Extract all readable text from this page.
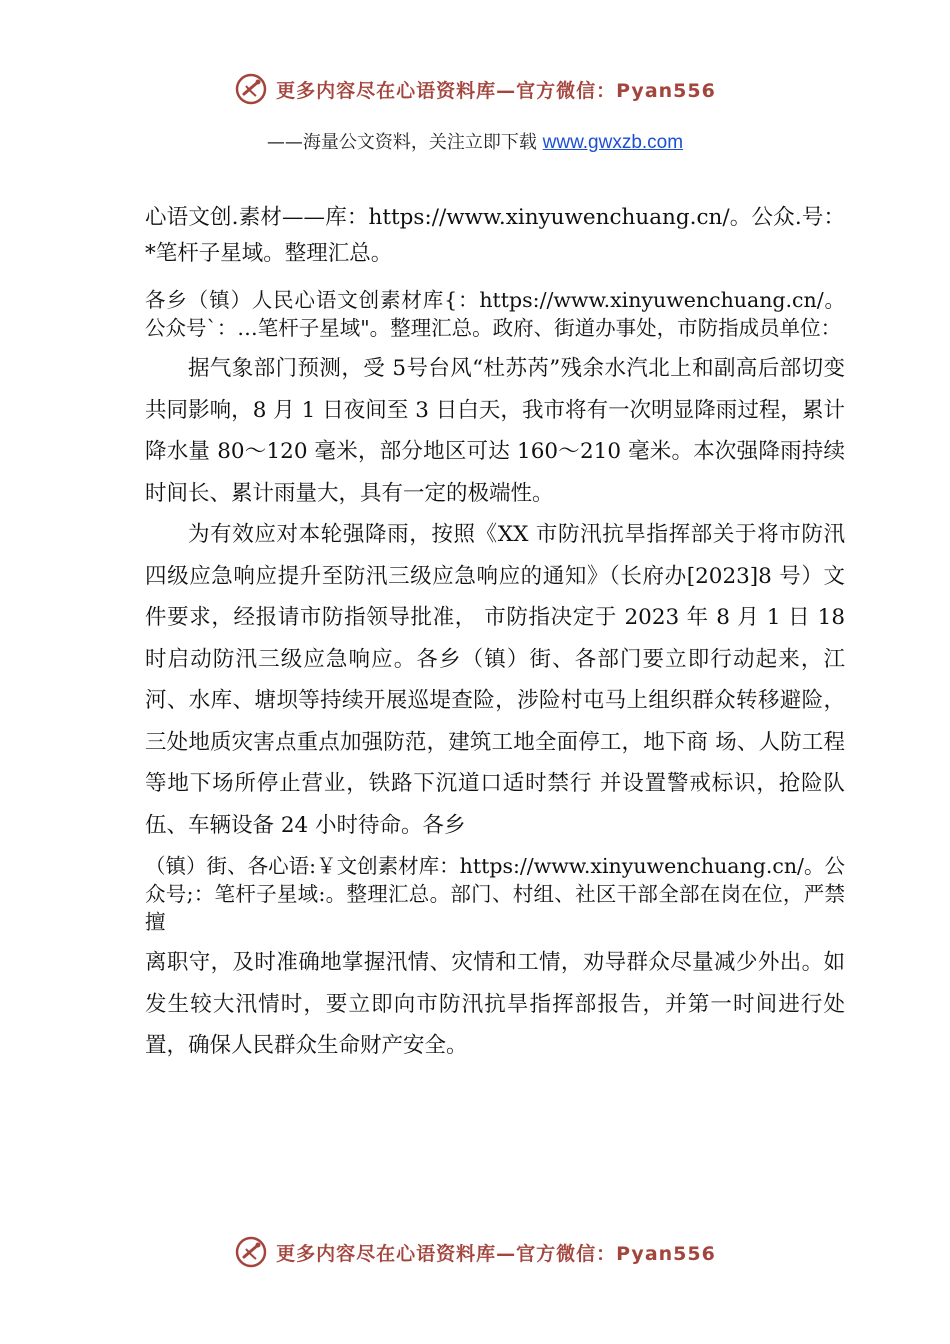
更多内容尽在心语资料库—官方微信：Pyan556
——海量公文资料，关注立即下载 www.gwxzb.com

心语文创.素材——库：https://www.xinyuwenchuang.cn/。公众.号：*笔杆子星域。整理汇总。

各乡（镇）人民心语文创素材库{：https://www.xinyuwenchuang.cn/。公众号`：…笔杆子星域"。整理汇总。政府、街道办事处，市防指成员单位：

据气象部门预测，受 5号台风“杜苏芮”残余水汽北上和副高后部切变共同影响，8 月 1 日夜间至 3 日白天，我市将有一次明显降雨过程，累计降水量 80～120 毫米，部分地区可达 160～210 毫米。本次强降雨持续时间长、累计雨量大，具有一定的极端性。

为有效应对本轮强降雨，按照《XX 市防汛抗旱指挥部关于将市防汛四级应急响应提升至防汛三级应急响应的通知》（长府办[2023]8 号）文件要求，经报请市防指领导批准， 市防指决定于 2023 年 8 月 1 日 18 时启动防汛三级应急响应。各乡（镇）街、各部门要立即行动起来，江河、水库、塘坝等持续开展巡堤查险，涉险村屯马上组织群众转移避险， 三处地质灾害点重点加强防范，建筑工地全面停工，地下商 场、人防工程等地下场所停止营业，铁路下沉道口适时禁行 并设置警戒标识，抢险队伍、车辆设备 24 小时待命。各乡

（镇）街、各心语:￥文创素材库：https://www.xinyuwenchuang.cn/。公众号;：笔杆子星域:。整理汇总。部门、村组、社区干部全部在岗在位，严禁擅

离职守，及时准确地掌握汛情、灾情和工情，劝导群众尽量减少外出。如发生较大汛情时，要立即向市防汛抗旱指挥部报告，并第一时间进行处置，确保人民群众生命财产安全。

更多内容尽在心语资料库—官方微信：Pyan556
